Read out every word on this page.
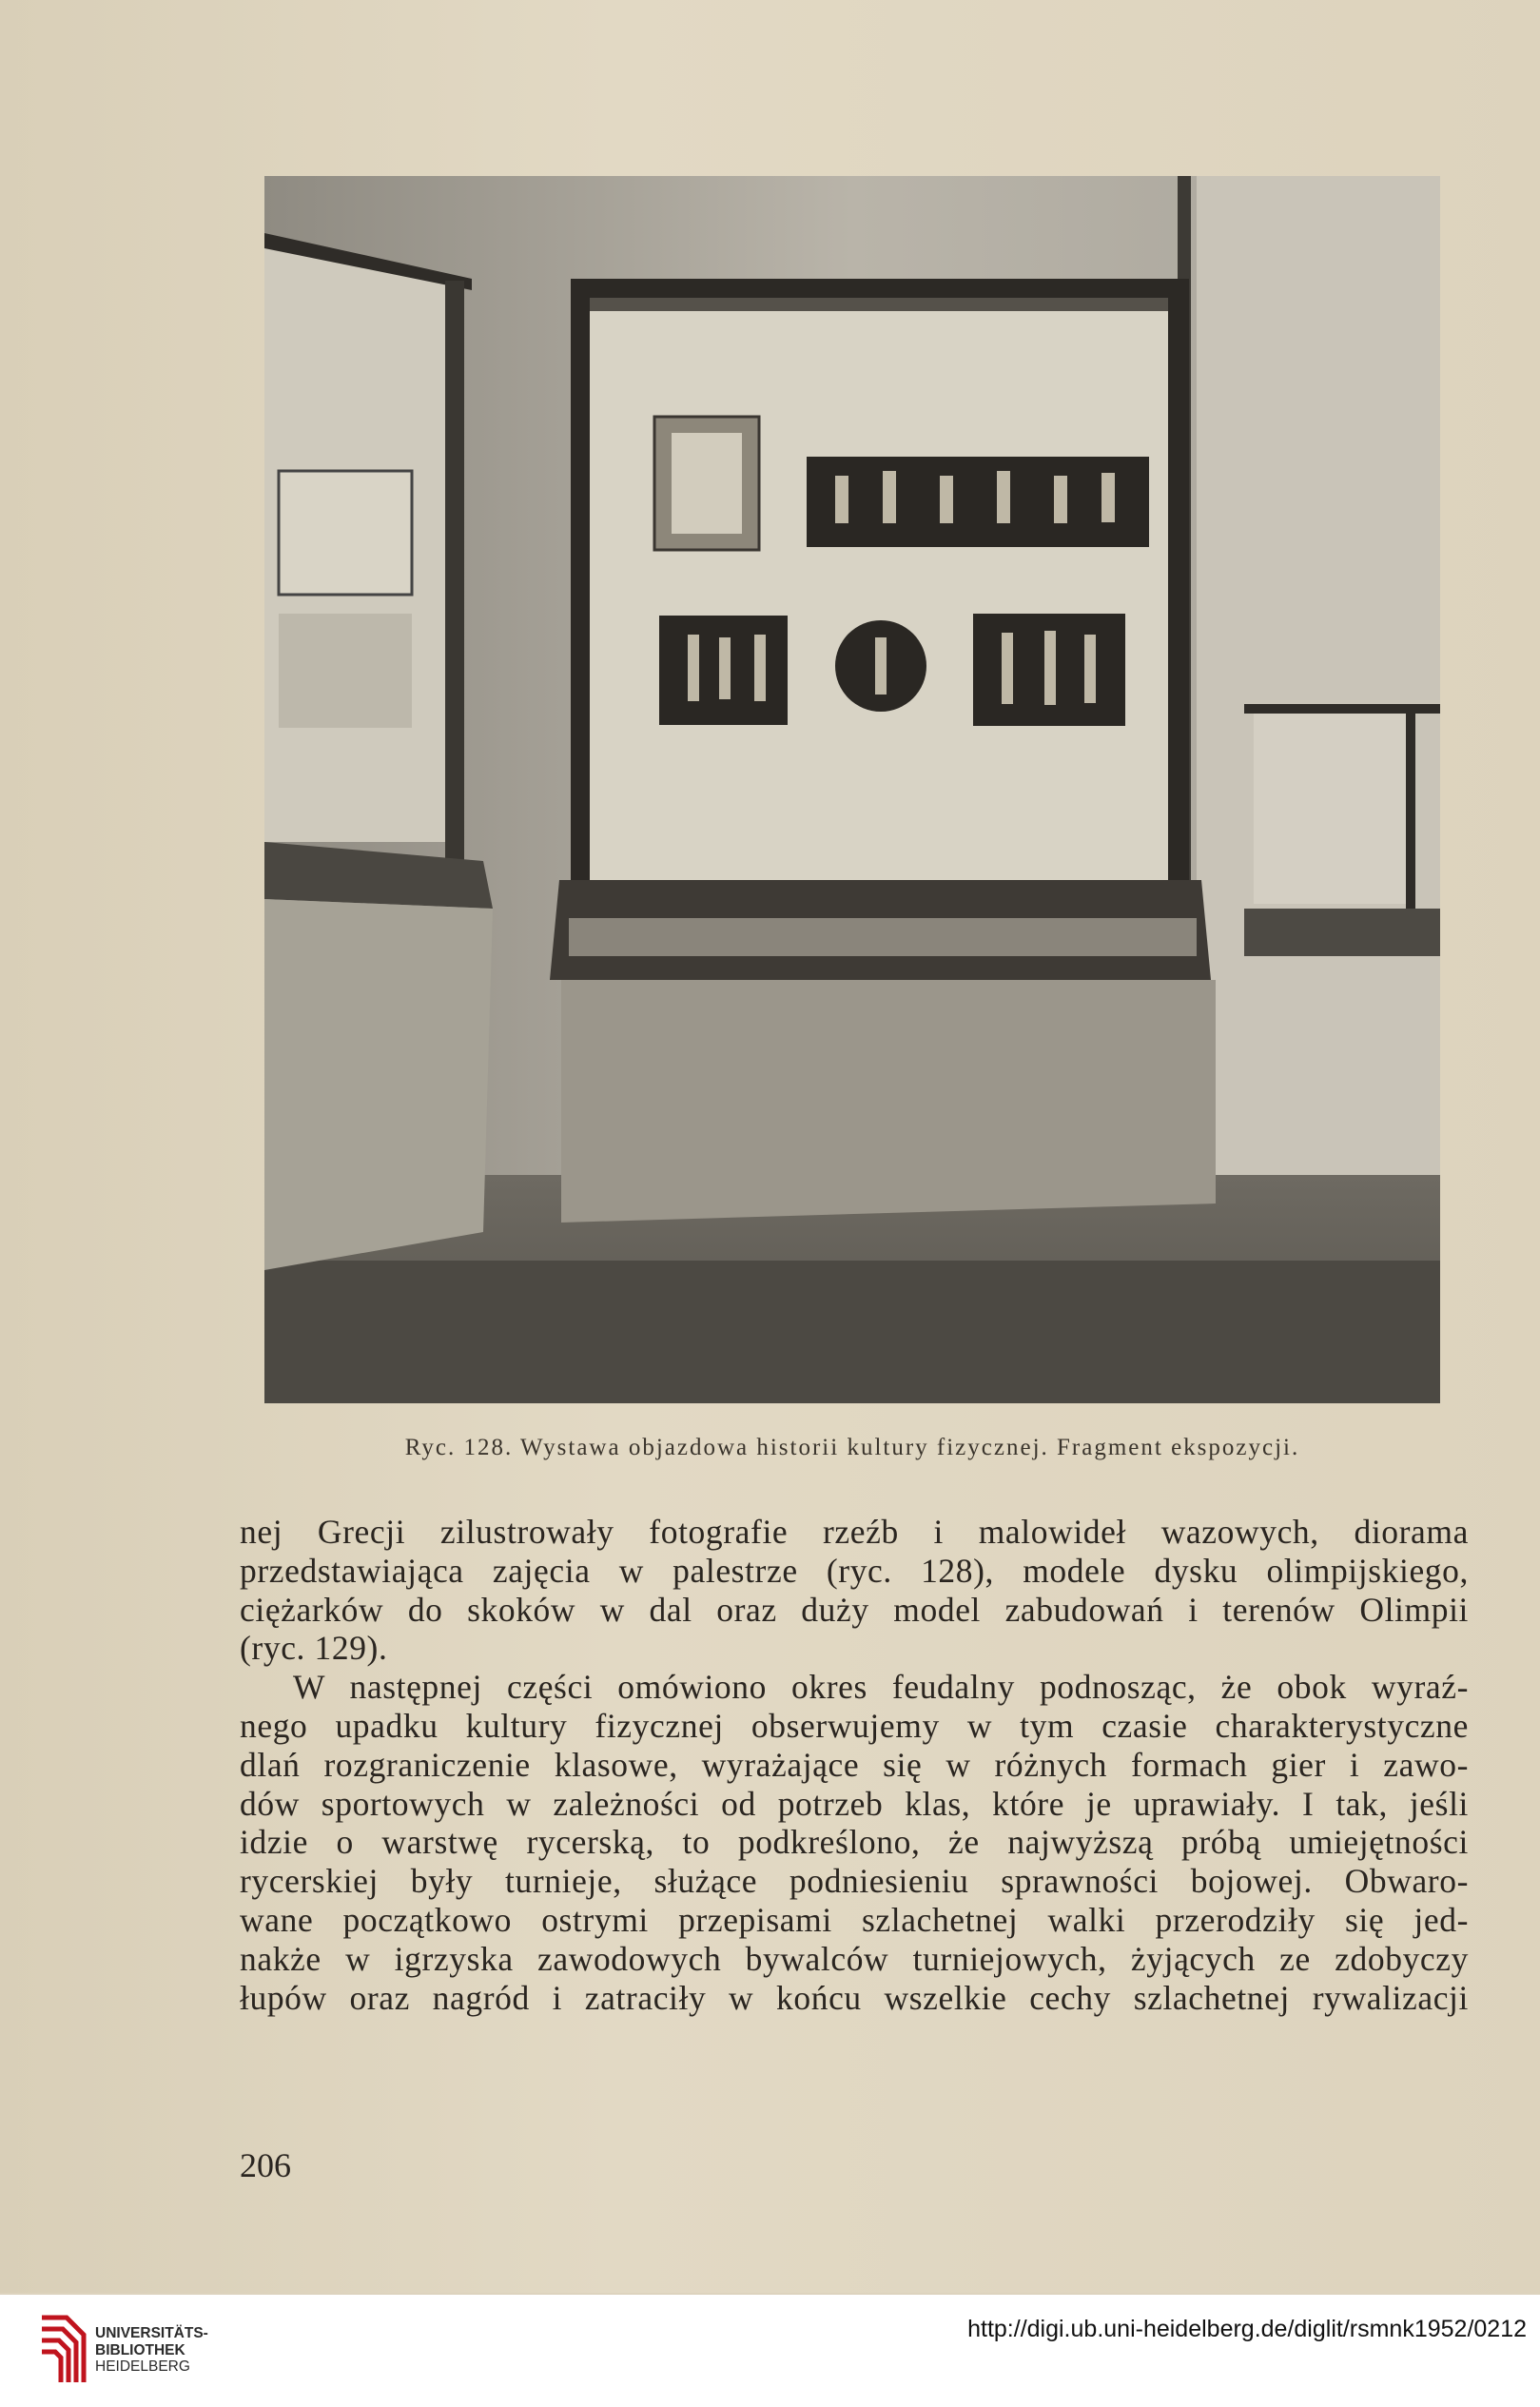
Ryc. 128. Wystawa objazdowa historii kultury fizycznej. Fragment ekspozycji.
nej Grecji zilustrowały fotografie rzeźb i malowideł wazowych, diorama
przedstawiająca zajęcia w palestrze (ryc. 128), modele dysku olimpijskiego,
ciężarków do skoków w dal oraz duży model zabudowań i terenów Olimpii
(ryc. 129).
W następnej części omówiono okres feudalny podnosząc, że obok wyraź-
nego upadku kultury fizycznej obserwujemy w tym czasie charakterystyczne
dlań rozgraniczenie klasowe, wyrażające się w różnych formach gier i zawo-
dów sportowych w zależności od potrzeb klas, które je uprawiały. I tak, jeśli
idzie o warstwę rycerską, to podkreślono, że najwyższą próbą umiejętności
rycerskiej były turnieje, służące podniesieniu sprawności bojowej. Obwaro-
wane początkowo ostrymi przepisami szlachetnej walki przerodziły się jed-
nakże w igrzyska zawodowych bywalców turniejowych, żyjących ze zdobyczy
łupów oraz nagród i zatraciły w końcu wszelkie cechy szlachetnej rywalizacji
206
UNIVERSITÄTS-
BIBLIOTHEK
HEIDELBERG
http://digi.ub.uni-heidelberg.de/diglit/rsmnk1952/0212
